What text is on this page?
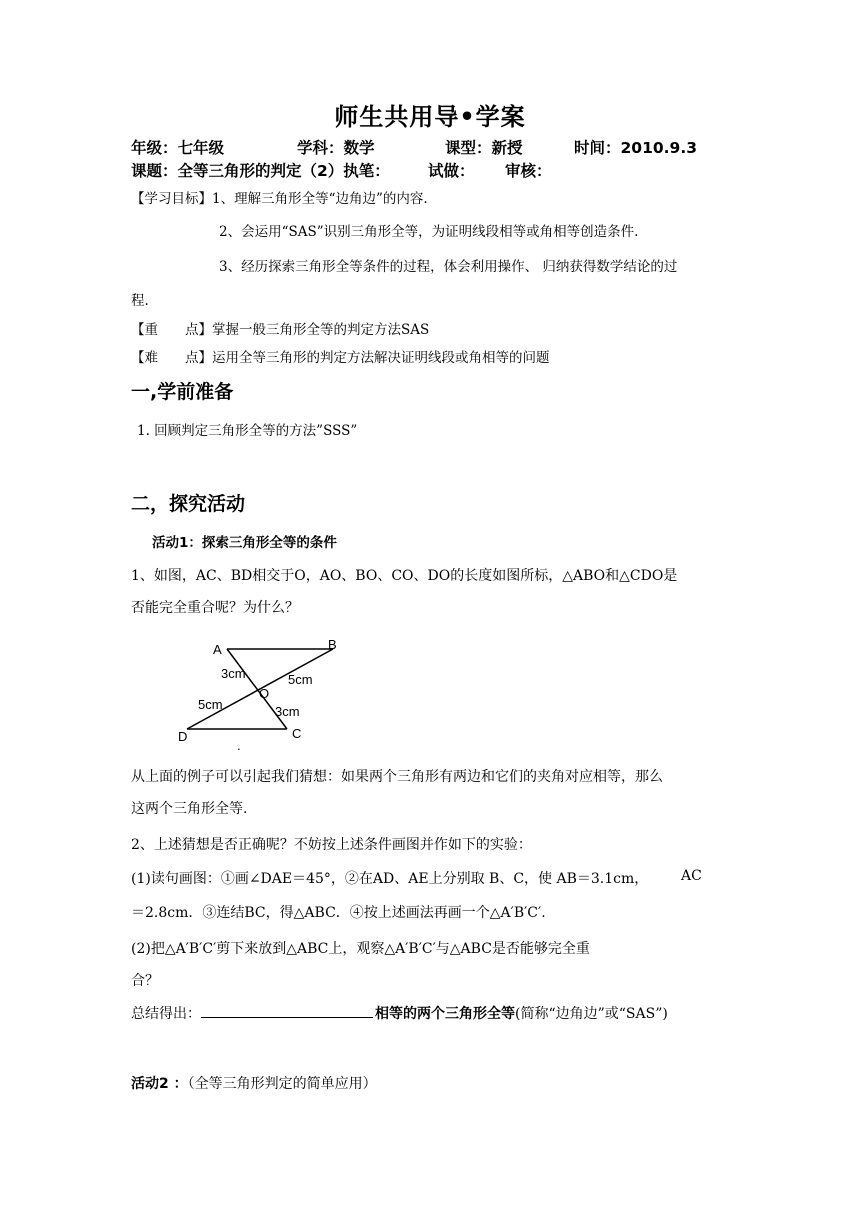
师生共用导•学案
年级：七年级	学科：数学	课型：新授	时间：2010.9.3
课题：全等三角形的判定（2）执笔： 试做： 审核：
【学习目标】1、理解三角形全等“边角边”的内容.
2、会运用“SAS”识别三角形全等，为证明线段相等或角相等创造条件.
3、经历探索三角形全等条件的过程，体会利用操作、 归纳获得数学结论的过
程.
【重　　点】掌握一般三角形全等的判定方法SAS
【难　　点】运用全等三角形的判定方法解决证明线段或角相等的问题
一,学前准备
1. 回顾判定三角形全等的方法”SSS”
二，探究活动
活动1：探索三角形全等的条件
1、如图，AC、BD相交于O，AO、BO、CO、DO的长度如图所标，△ABO和△CDO是
否能完全重合呢？为什么？
A	B
C
D
O
3cm	5cm
5cm	3cm
.
从上面的例子可以引起我们猜想：如果两个三角形有两边和它们的夹角对应相等，那么
这两个三角形全等.
2、上述猜想是否正确呢？不妨按上述条件画图并作如下的实验：
(1)读句画图：①画∠DAE＝45°，②在AD、AE上分别取 B、C，使 AB＝3.1cm， AC
＝2.8cm．③连结BC，得△ABC．④按上述画法再画一个△A′B′C′.
(2)把△A′B′C′剪下来放到△ABC上，观察△A′B′C′与△ABC是否能够完全重
合？
总结得出：	相等的两个三角形全等(简称“边角边”或“SAS”)
活动2 ：（全等三角形判定的简单应用）
